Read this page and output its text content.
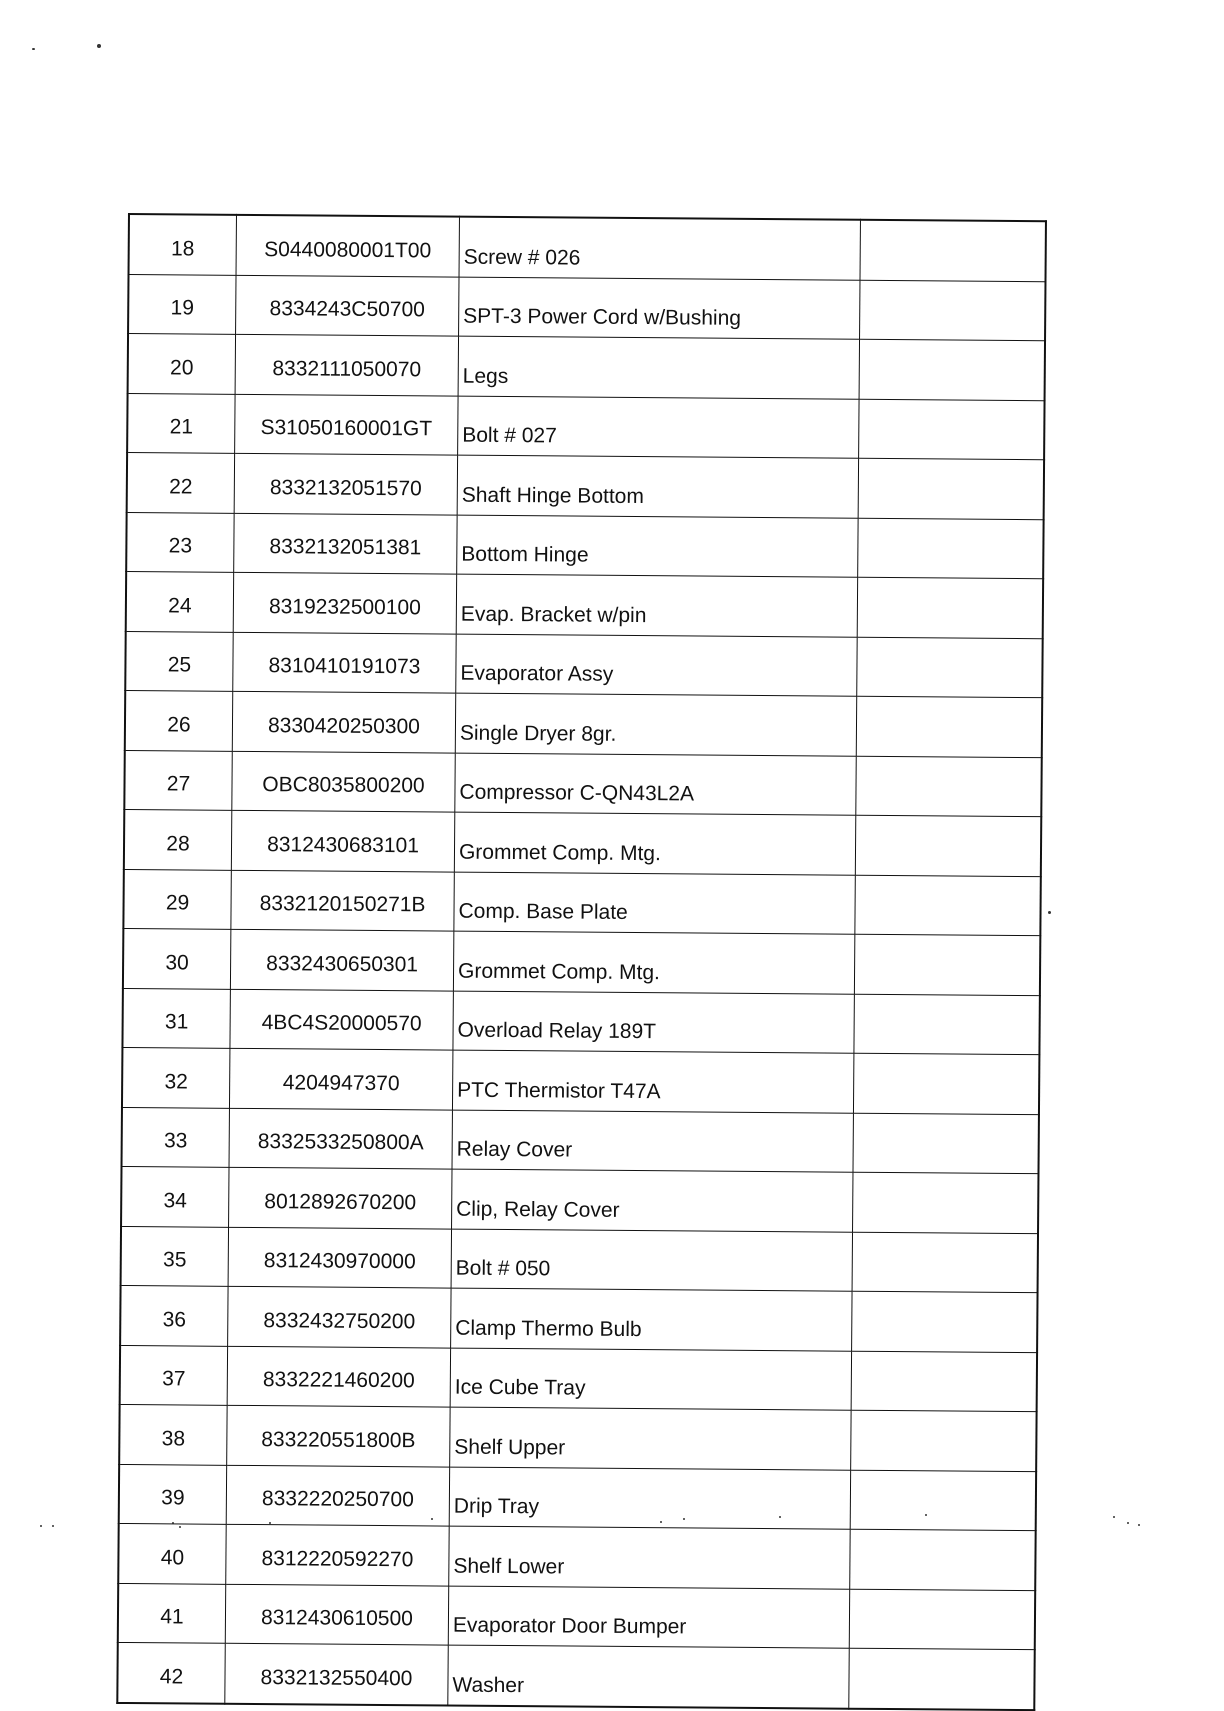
18	S0440080001T00	Screw # 026	
19	8334243C50700	SPT-3 Power Cord w/Bushing	
20	8332111050070	Legs	
21	S31050160001GT	Bolt # 027	
22	8332132051570	Shaft Hinge Bottom	
23	8332132051381	Bottom Hinge	
24	8319232500100	Evap. Bracket w/pin	
25	8310410191073	Evaporator Assy	
26	8330420250300	Single Dryer 8gr.	
27	OBC8035800200	Compressor C-QN43L2A	
28	8312430683101	Grommet Comp. Mtg.	
29	8332120150271B	Comp. Base Plate	
30	8332430650301	Grommet Comp. Mtg.	
31	4BC4S20000570	Overload Relay 189T	
32	4204947370	PTC Thermistor T47A	
33	8332533250800A	Relay Cover	
34	8012892670200	Clip, Relay Cover	
35	8312430970000	Bolt # 050	
36	8332432750200	Clamp Thermo Bulb	
37	8332221460200	Ice Cube Tray	
38	833220551800B	Shelf Upper	
39	8332220250700	Drip Tray	
40	8312220592270	Shelf Lower	
41	8312430610500	Evaporator Door Bumper	
42	8332132550400	Washer	
